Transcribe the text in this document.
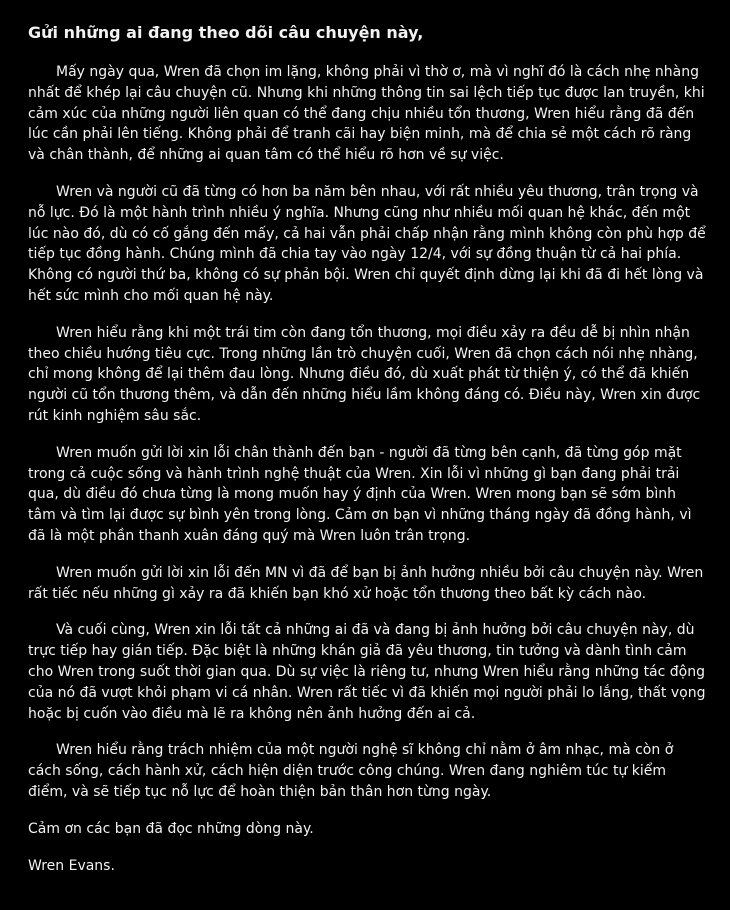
Gửi những ai đang theo dõi câu chuyện này,

Mấy ngày qua, Wren đã chọn im lặng, không phải vì thờ ơ, mà vì nghĩ đó là cách nhẹ nhàng nhất để khép lại câu chuyện cũ. Nhưng khi những thông tin sai lệch tiếp tục được lan truyền, khi cảm xúc của những người liên quan có thể đang chịu nhiều tổn thương, Wren hiểu rằng đã đến lúc cần phải lên tiếng. Không phải để tranh cãi hay biện minh, mà để chia sẻ một cách rõ ràng và chân thành, để những ai quan tâm có thể hiểu rõ hơn về sự việc.

Wren và người cũ đã từng có hơn ba năm bên nhau, với rất nhiều yêu thương, trân trọng và nỗ lực. Đó là một hành trình nhiều ý nghĩa. Nhưng cũng như nhiều mối quan hệ khác, đến một lúc nào đó, dù có cố gắng đến mấy, cả hai vẫn phải chấp nhận rằng mình không còn phù hợp để tiếp tục đồng hành. Chúng mình đã chia tay vào ngày 12/4, với sự đồng thuận từ cả hai phía. Không có người thứ ba, không có sự phản bội. Wren chỉ quyết định dừng lại khi đã đi hết lòng và hết sức mình cho mối quan hệ này.

Wren hiểu rằng khi một trái tim còn đang tổn thương, mọi điều xảy ra đều dễ bị nhìn nhận theo chiều hướng tiêu cực. Trong những lần trò chuyện cuối, Wren đã chọn cách nói nhẹ nhàng, chỉ mong không để lại thêm đau lòng. Nhưng điều đó, dù xuất phát từ thiện ý, có thể đã khiến người cũ tổn thương thêm, và dẫn đến những hiểu lầm không đáng có. Điều này, Wren xin được rút kinh nghiệm sâu sắc.

Wren muốn gửi lời xin lỗi chân thành đến bạn - người đã từng bên cạnh, đã từng góp mặt trong cả cuộc sống và hành trình nghệ thuật của Wren. Xin lỗi vì những gì bạn đang phải trải qua, dù điều đó chưa từng là mong muốn hay ý định của Wren. Wren mong bạn sẽ sớm bình tâm và tìm lại được sự bình yên trong lòng. Cảm ơn bạn vì những tháng ngày đã đồng hành, vì đã là một phần thanh xuân đáng quý mà Wren luôn trân trọng.

Wren muốn gửi lời xin lỗi đến MN vì đã để bạn bị ảnh hưởng nhiều bởi câu chuyện này. Wren rất tiếc nếu những gì xảy ra đã khiến bạn khó xử hoặc tổn thương theo bất kỳ cách nào.

Và cuối cùng, Wren xin lỗi tất cả những ai đã và đang bị ảnh hưởng bởi câu chuyện này, dù trực tiếp hay gián tiếp. Đặc biệt là những khán giả đã yêu thương, tin tưởng và dành tình cảm cho Wren trong suốt thời gian qua. Dù sự việc là riêng tư, nhưng Wren hiểu rằng những tác động của nó đã vượt khỏi phạm vi cá nhân. Wren rất tiếc vì đã khiến mọi người phải lo lắng, thất vọng hoặc bị cuốn vào điều mà lẽ ra không nên ảnh hưởng đến ai cả.

Wren hiểu rằng trách nhiệm của một người nghệ sĩ không chỉ nằm ở âm nhạc, mà còn ở cách sống, cách hành xử, cách hiện diện trước công chúng. Wren đang nghiêm túc tự kiểm điểm, và sẽ tiếp tục nỗ lực để hoàn thiện bản thân hơn từng ngày.

Cảm ơn các bạn đã đọc những dòng này.

Wren Evans.
